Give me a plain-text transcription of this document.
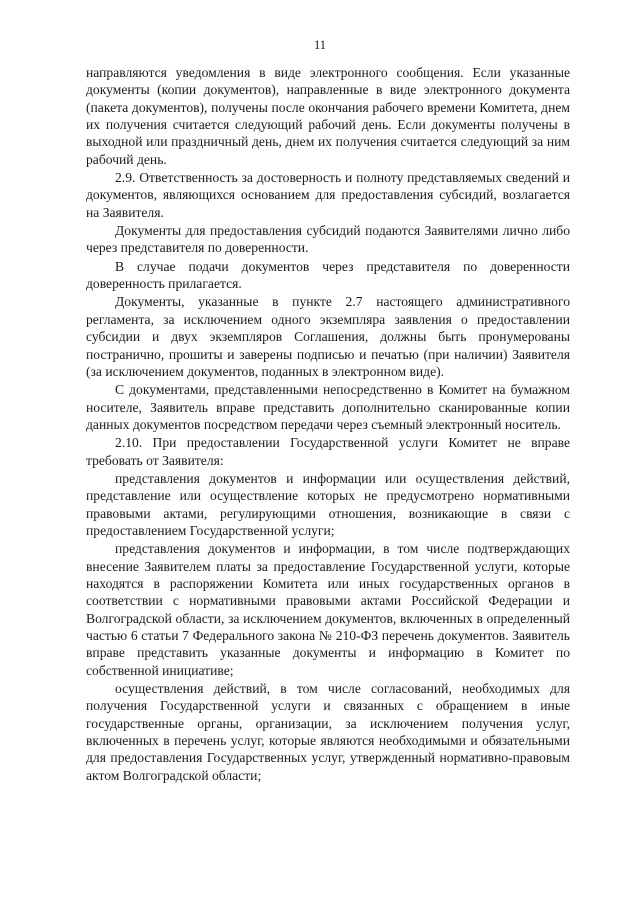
11

направляются уведомления в виде электронного сообщения. Если указанные документы (копии документов), направленные в виде электронного документа (пакета документов), получены после окончания рабочего времени Комитета, днем их получения считается следующий рабочий день. Если документы получены в выходной или праздничный день, днем их получения считается следующий за ним рабочий день.

2.9. Ответственность за достоверность и полноту представляемых сведений и документов, являющихся основанием для предоставления субсидий, возлагается на Заявителя.

Документы для предоставления субсидий подаются Заявителями лично либо через представителя по доверенности.

В случае подачи документов через представителя по доверенности доверенность прилагается.

Документы, указанные в пункте 2.7 настоящего административного регламента, за исключением одного экземпляра заявления о предоставлении субсидии и двух экземпляров Соглашения, должны быть пронумерованы постранично, прошиты и заверены подписью и печатью (при наличии) Заявителя (за исключением документов, поданных в электронном виде).

С документами, представленными непосредственно в Комитет на бумажном носителе, Заявитель вправе представить дополнительно сканированные копии данных документов посредством передачи через съемный электронный носитель.

2.10. При предоставлении Государственной услуги Комитет не вправе требовать от Заявителя:

представления документов и информации или осуществления действий, представление или осуществление которых не предусмотрено нормативными правовыми актами, регулирующими отношения, возникающие в связи с предоставлением Государственной услуги;

представления документов и информации, в том числе подтверждающих внесение Заявителем платы за предоставление Государственной услуги, которые находятся в распоряжении Комитета или иных государственных органов в соответствии с нормативными правовыми актами Российской Федерации и Волгоградской области, за исключением документов, включенных в определенный частью 6 статьи 7 Федерального закона № 210-ФЗ перечень документов. Заявитель вправе представить указанные документы и информацию в Комитет по собственной инициативе;

осуществления действий, в том числе согласований, необходимых для получения Государственной услуги и связанных с обращением в иные государственные органы, организации, за исключением получения услуг, включенных в перечень услуг, которые являются необходимыми и обязательными для предоставления Государственных услуг, утвержденный нормативно-правовым актом Волгоградской области;
